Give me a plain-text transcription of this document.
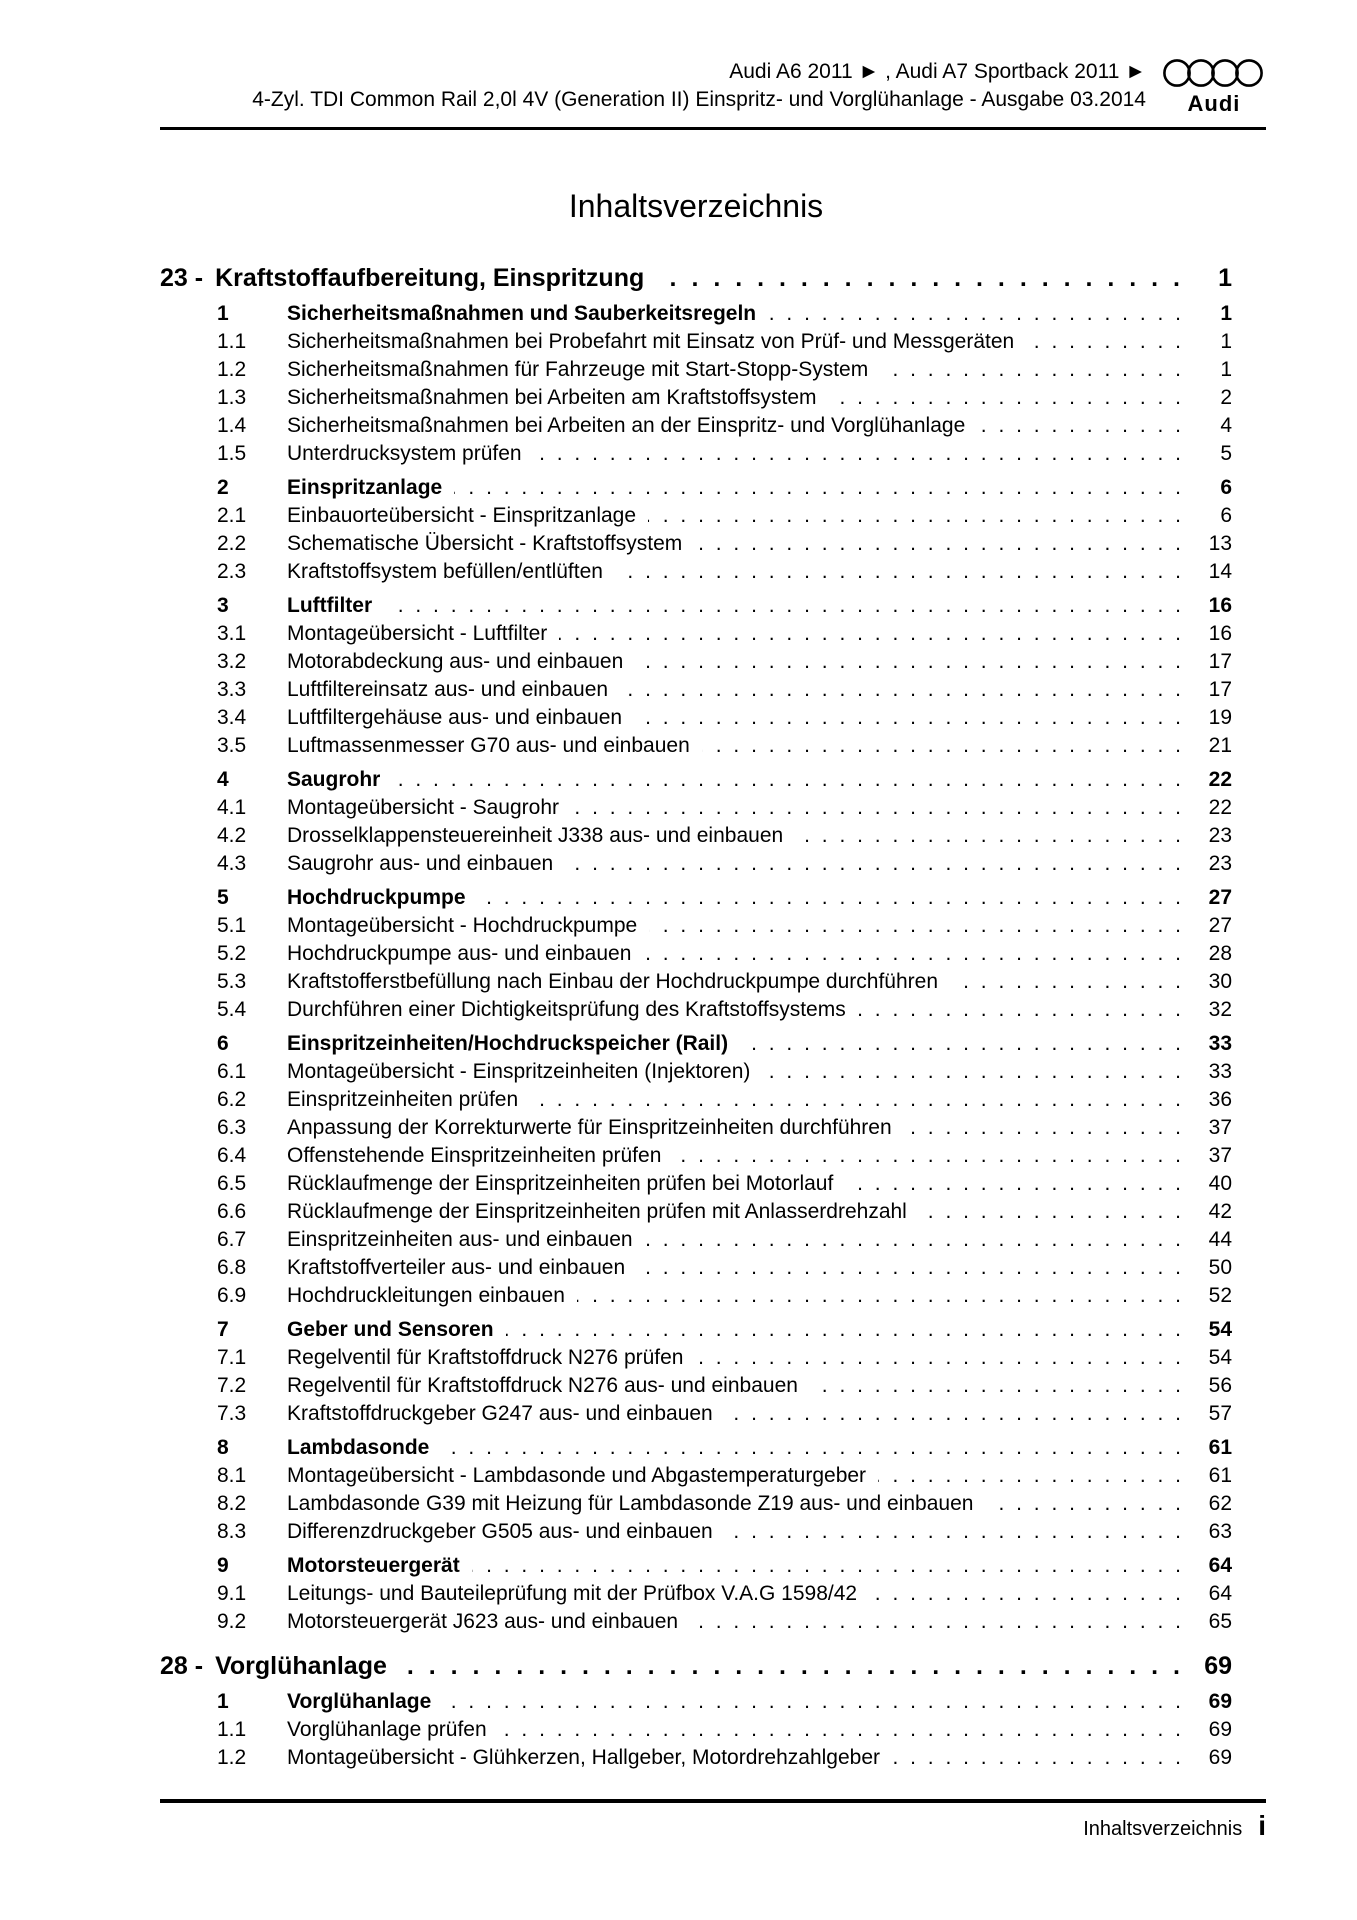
Audi A6 2011 ► , Audi A7 Sportback 2011 ►
4-Zyl. TDI Common Rail 2,0l 4V (Generation II) Einspritz- und Vorglühanlage - Ausgabe 03.2014	Audi
Inhaltsverzeichnis
23 - Kraftstoffaufbereitung, Einspritzung . . .	1
1	Sicherheitsmaßnahmen und Sauberkeitsregeln . . .	1
1.1	Sicherheitsmaßnahmen bei Probefahrt mit Einsatz von Prüf- und Messgeräten . . .	1
1.2	Sicherheitsmaßnahmen für Fahrzeuge mit Start-Stopp-System . . .	1
1.3	Sicherheitsmaßnahmen bei Arbeiten am Kraftstoffsystem . . .	2
1.4	Sicherheitsmaßnahmen bei Arbeiten an der Einspritz- und Vorglühanlage . . .	4
1.5	Unterdrucksystem prüfen . . .	5
2	Einspritzanlage . . .	6
2.1	Einbauorteübersicht - Einspritzanlage . . .	6
2.2	Schematische Übersicht - Kraftstoffsystem . . .	13
2.3	Kraftstoffsystem befüllen/entlüften . . .	14
3	Luftfilter . . .	16
3.1	Montageübersicht - Luftfilter . . .	16
3.2	Motorabdeckung aus- und einbauen . . .	17
3.3	Luftfiltereinsatz aus- und einbauen . . .	17
3.4	Luftfiltergehäuse aus- und einbauen . . .	19
3.5	Luftmassenmesser G70 aus- und einbauen . . .	21
4	Saugrohr . . .	22
4.1	Montageübersicht - Saugrohr . . .	22
4.2	Drosselklappensteuereinheit J338 aus- und einbauen . . .	23
4.3	Saugrohr aus- und einbauen . . .	23
5	Hochdruckpumpe . . .	27
5.1	Montageübersicht - Hochdruckpumpe . . .	27
5.2	Hochdruckpumpe aus- und einbauen . . .	28
5.3	Kraftstofferstbefüllung nach Einbau der Hochdruckpumpe durchführen . . .	30
5.4	Durchführen einer Dichtigkeitsprüfung des Kraftstoffsystems . . .	32
6	Einspritzeinheiten/Hochdruckspeicher (Rail) . . .	33
6.1	Montageübersicht - Einspritzeinheiten (Injektoren) . . .	33
6.2	Einspritzeinheiten prüfen . . .	36
6.3	Anpassung der Korrekturwerte für Einspritzeinheiten durchführen . . .	37
6.4	Offenstehende Einspritzeinheiten prüfen . . .	37
6.5	Rücklaufmenge der Einspritzeinheiten prüfen bei Motorlauf . . .	40
6.6	Rücklaufmenge der Einspritzeinheiten prüfen mit Anlasserdrehzahl . . .	42
6.7	Einspritzeinheiten aus- und einbauen . . .	44
6.8	Kraftstoffverteiler aus- und einbauen . . .	50
6.9	Hochdruckleitungen einbauen . . .	52
7	Geber und Sensoren . . .	54
7.1	Regelventil für Kraftstoffdruck N276 prüfen . . .	54
7.2	Regelventil für Kraftstoffdruck N276 aus- und einbauen . . .	56
7.3	Kraftstoffdruckgeber G247 aus- und einbauen . . .	57
8	Lambdasonde . . .	61
8.1	Montageübersicht - Lambdasonde und Abgastemperaturgeber . . .	61
8.2	Lambdasonde G39 mit Heizung für Lambdasonde Z19 aus- und einbauen . . .	62
8.3	Differenzdruckgeber G505 aus- und einbauen . . .	63
9	Motorsteuergerät . . .	64
9.1	Leitungs- und Bauteileprüfung mit der Prüfbox V.A.G 1598/42 . . .	64
9.2	Motorsteuergerät J623 aus- und einbauen . . .	65
28 - Vorglühanlage . . .	69
1	Vorglühanlage . . .	69
1.1	Vorglühanlage prüfen . . .	69
1.2	Montageübersicht - Glühkerzen, Hallgeber, Motordrehzahlgeber . . .	69
Inhaltsverzeichnis i
